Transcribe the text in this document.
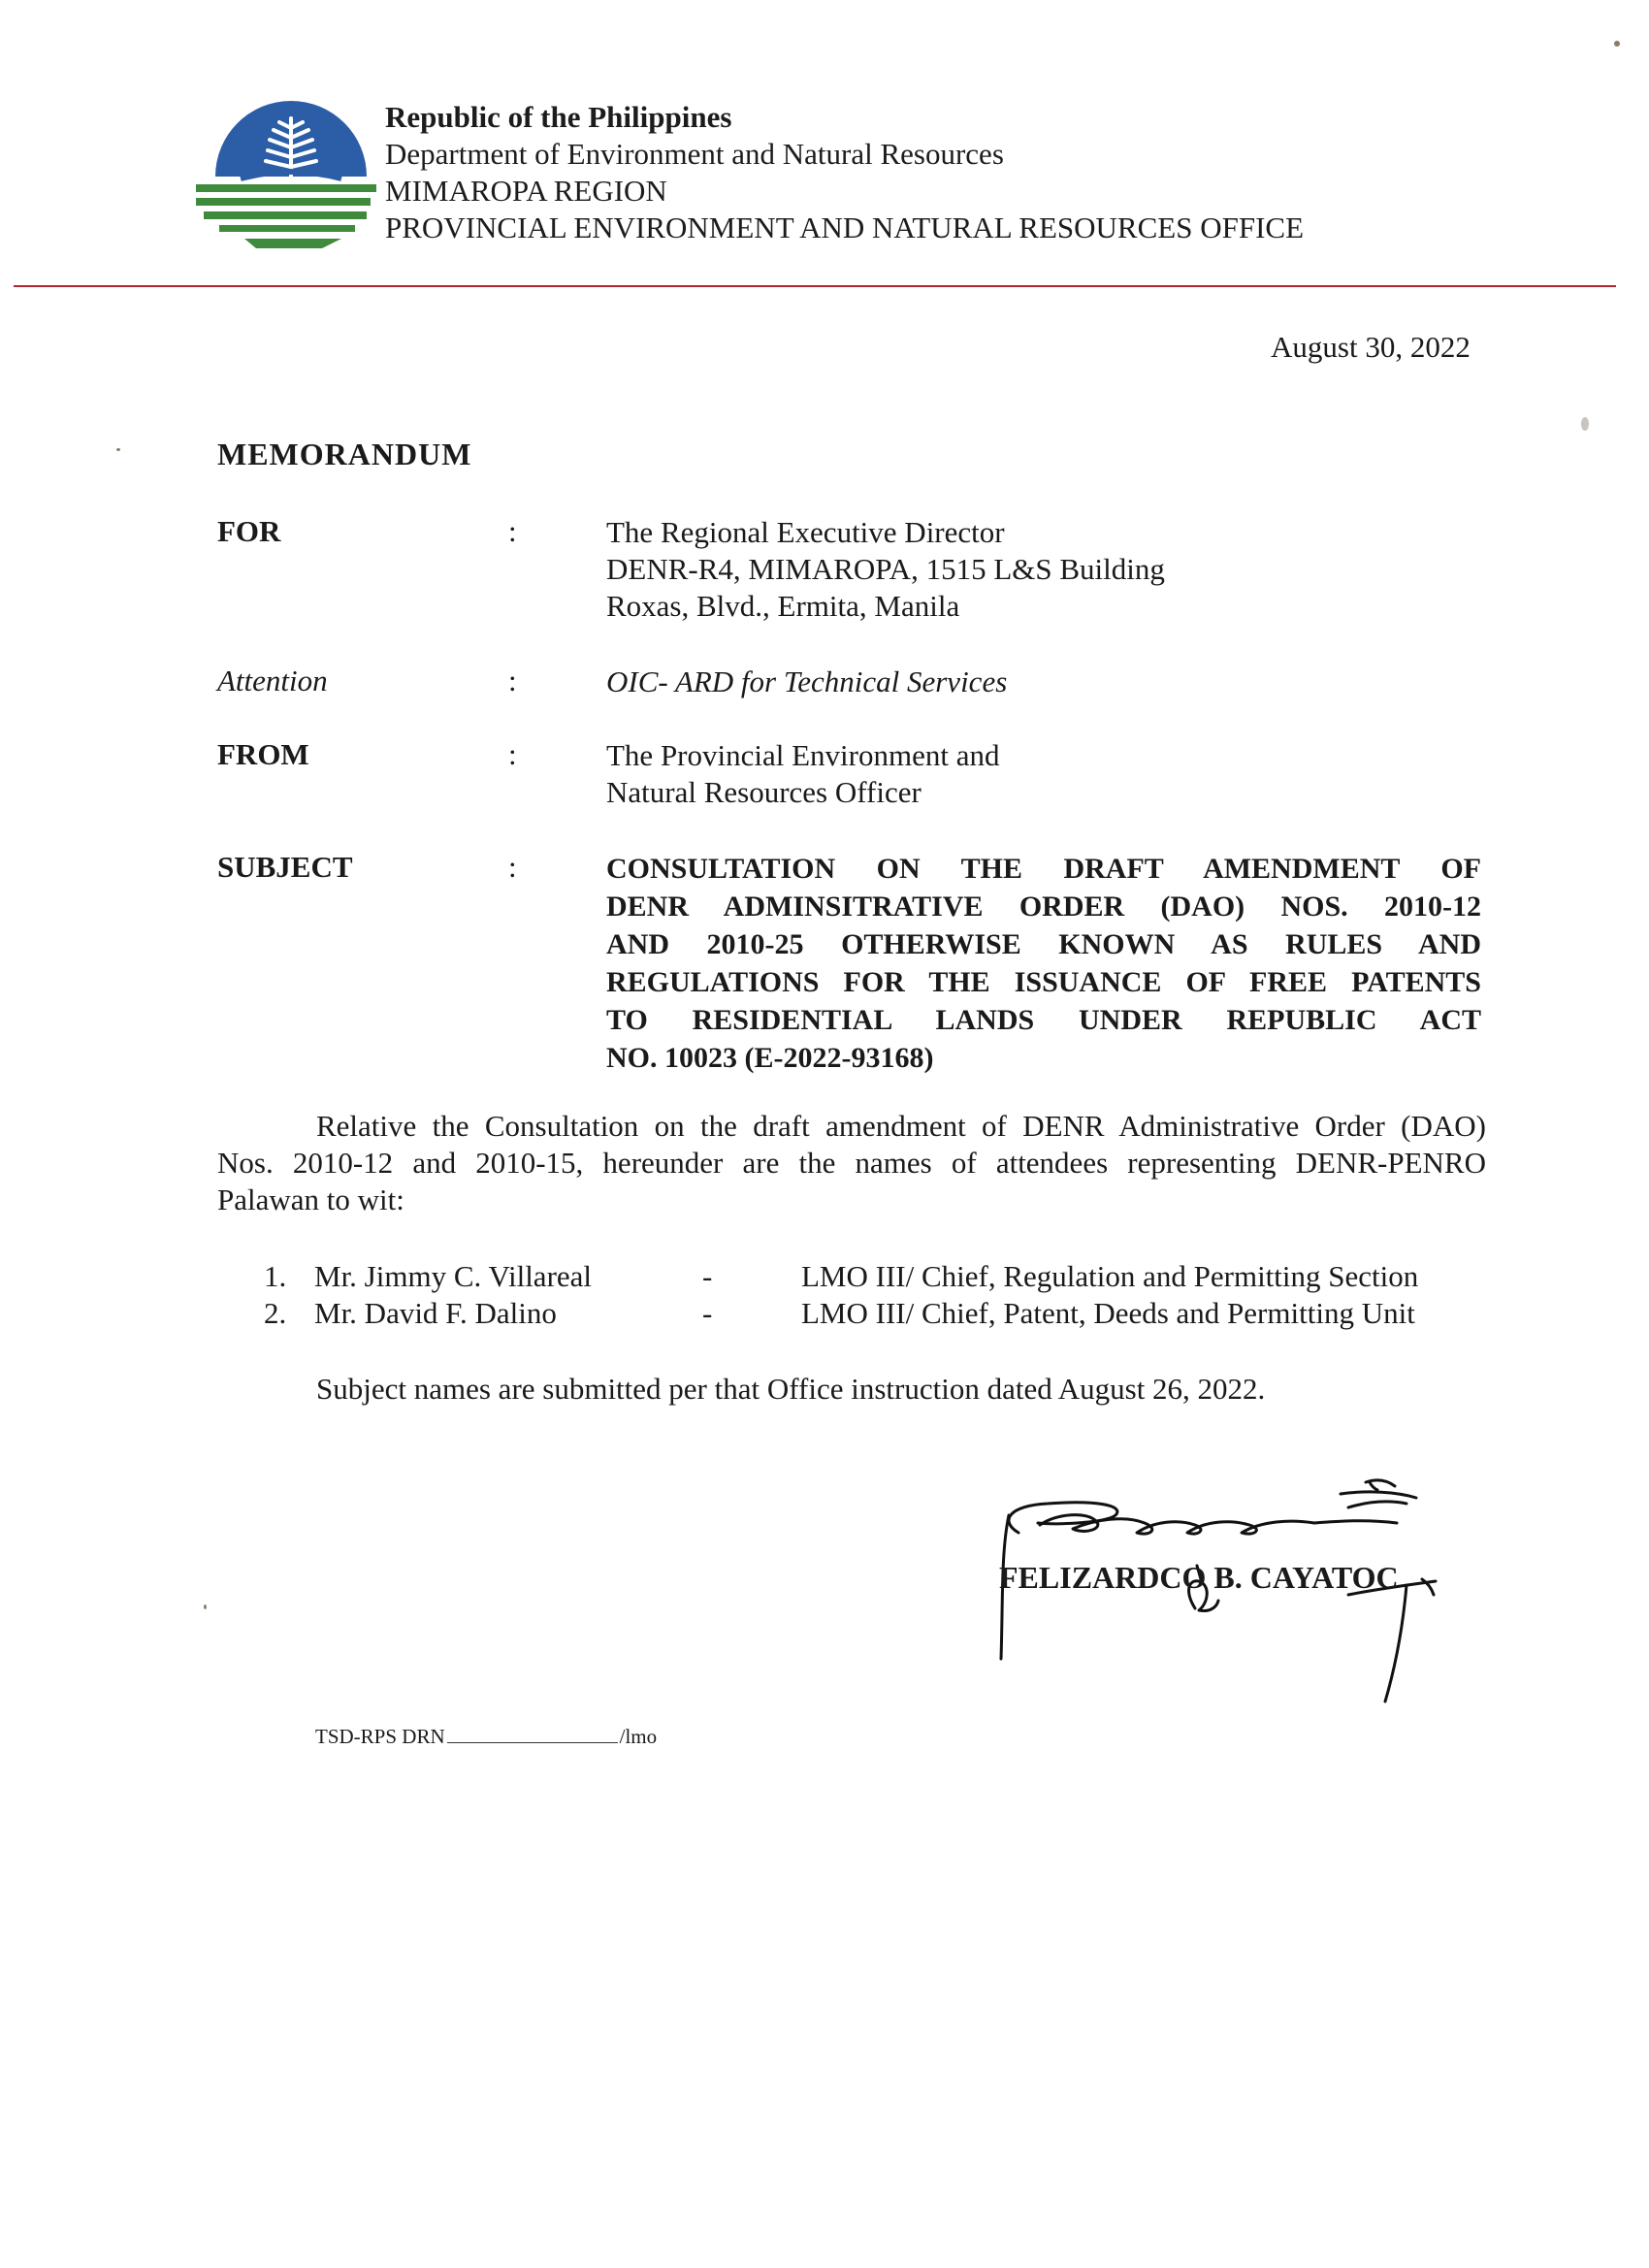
Republic of the Philippines
Department of Environment and Natural Resources
MIMAROPA REGION
PROVINCIAL ENVIRONMENT AND NATURAL RESOURCES OFFICE
August 30, 2022
MEMORANDUM
FOR	:	The Regional Executive Director
DENR-R4, MIMAROPA, 1515 L&S Building
Roxas, Blvd., Ermita, Manila
Attention	:	OIC- ARD for Technical Services
FROM	:	The Provincial Environment and
Natural Resources Officer
SUBJECT	:	CONSULTATION ON THE DRAFT AMENDMENT OF
DENR ADMINSITRATIVE ORDER (DAO) NOS. 2010-12
AND 2010-25 OTHERWISE KNOWN AS RULES AND
REGULATIONS FOR THE ISSUANCE OF FREE PATENTS
TO RESIDENTIAL LANDS UNDER REPUBLIC ACT
NO. 10023 (E-2022-93168)
Relative the Consultation on the draft amendment of DENR Administrative Order (DAO)
Nos. 2010-12 and 2010-15, hereunder are the names of attendees representing DENR-PENRO
Palawan to wit:
1. Mr. Jimmy C. Villareal	-	LMO III/ Chief, Regulation and Permitting Section
2. Mr. David F. Dalino	-	LMO III/ Chief, Patent, Deeds and Permitting Unit
Subject names are submitted per that Office instruction dated August 26, 2022.
FELIZARDCO B. CAYATOC
TSD-RPS DRN	/lmo
